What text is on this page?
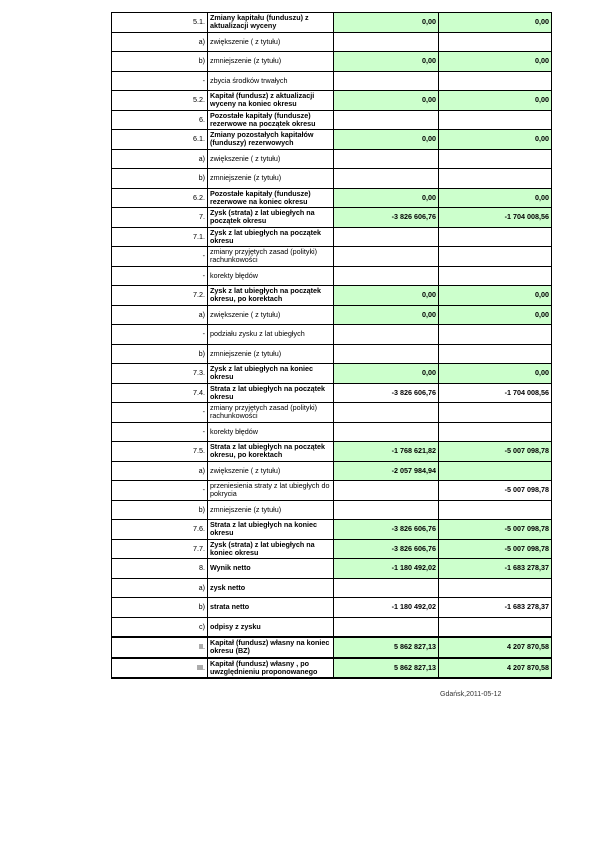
5.1.	Zmiany kapitału (funduszu) z aktualizacji wyceny	0,00	0,00
a)	zwiększenie ( z tytułu)		
b)	zmniejszenie (z tytułu)	0,00	0,00
-	zbycia środków trwałych		
5.2.	Kapitał (fundusz) z aktualizacji wyceny na koniec okresu	0,00	0,00
6.	Pozostałe kapitały (fundusze) rezerwowe na początek okresu		
6.1.	Zmiany pozostałych kapitałów (funduszy) rezerwowych	0,00	0,00
a)	zwiększenie ( z tytułu)		
b)	zmniejszenie (z tytułu)		
6.2.	Pozostałe kapitały (fundusze) rezerwowe na koniec okresu	0,00	0,00
7.	Zysk (strata) z lat ubiegłych na początek okresu	-3 826 606,76	-1 704 008,56
7.1.	Zysk z lat ubiegłych na początek okresu		
-	zmiany przyjętych zasad (polityki) rachunkowości		
-	korekty błędów		
7.2.	Zysk z lat ubiegłych na początek okresu, po korektach	0,00	0,00
a)	zwiększenie ( z tytułu)	0,00	0,00
-	podziału zysku z lat ubiegłych		
b)	zmniejszenie (z tytułu)		
7.3.	Zysk z lat ubiegłych na koniec okresu	0,00	0,00
7.4.	Strata z lat ubiegłych na początek okresu	-3 826 606,76	-1 704 008,56
-	zmiany przyjętych zasad (polityki) rachunkowości		
-	korekty błędów		
7.5.	Strata z lat ubiegłych na początek okresu, po korektach	-1 768 621,82	-5 007 098,78
a)	zwiększenie ( z tytułu)	-2 057 984,94	
-	przeniesienia straty z lat ubiegłych do pokrycia		-5 007 098,78
b)	zmniejszenie (z tytułu)		
7.6.	Strata z lat ubiegłych na koniec okresu	-3 826 606,76	-5 007 098,78
7.7.	Zysk (strata) z lat ubiegłych na koniec okresu	-3 826 606,76	-5 007 098,78
8.	Wynik netto	-1 180 492,02	-1 683 278,37
a)	zysk netto		
b)	strata netto	-1 180 492,02	-1 683 278,37
c)	odpisy z zysku		
II.	Kapitał (fundusz) własny na koniec okresu (BZ)	5 862 827,13	4 207 870,58
III.	Kapitał (fundusz) własny , po uwzględnieniu proponowanego	5 862 827,13	4 207 870,58
Gdańsk,2011-05-12
